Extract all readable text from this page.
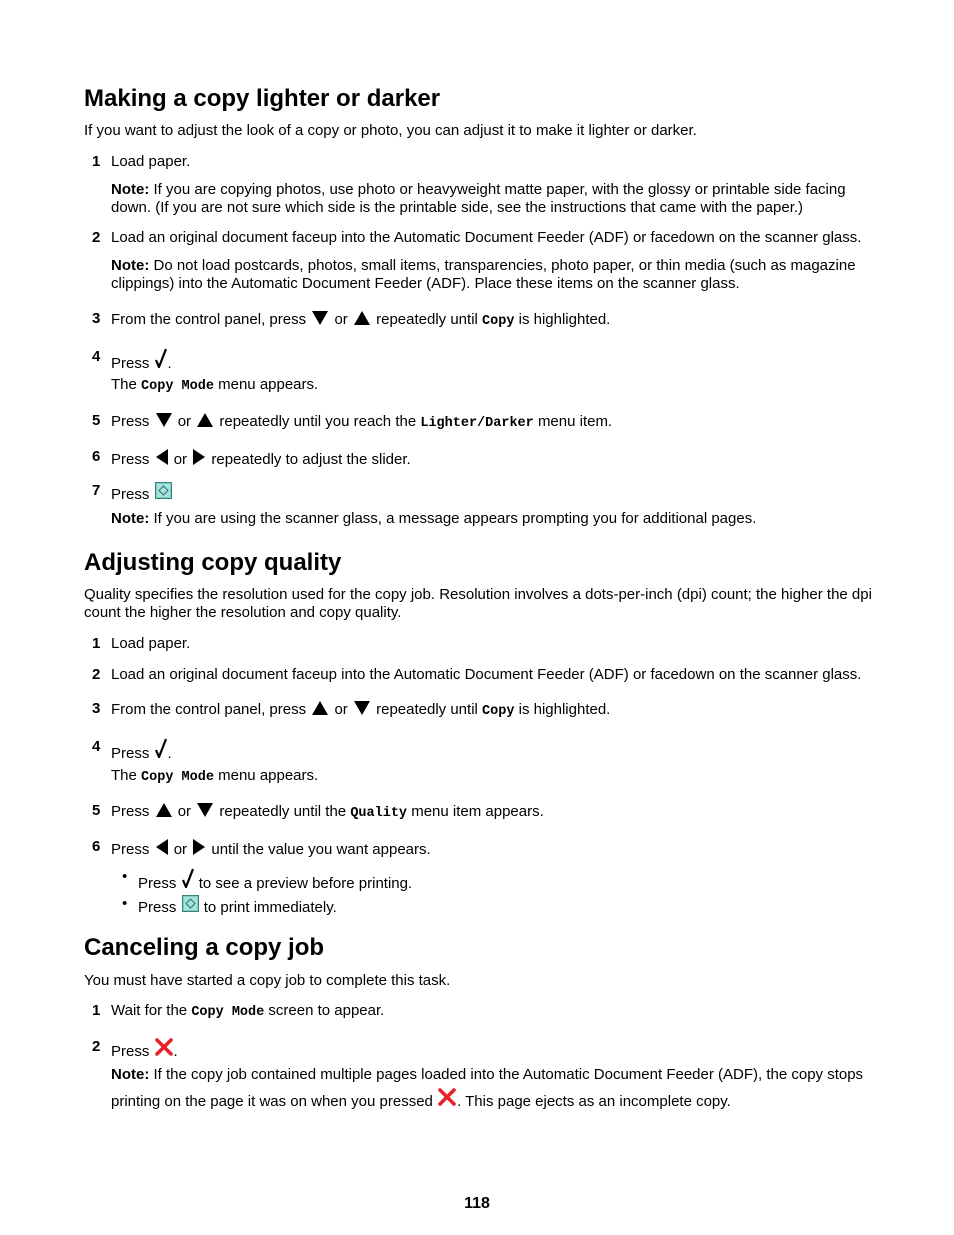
Making a copy lighter or darker

If you want to adjust the look of a copy or photo, you can adjust it to make it lighter or darker.

1 Load paper.
Note: If you are copying photos, use photo or heavyweight matte paper, with the glossy or printable side facing down. (If you are not sure which side is the printable side, see the instructions that came with the paper.)
2 Load an original document faceup into the Automatic Document Feeder (ADF) or facedown on the scanner glass.
Note: Do not load postcards, photos, small items, transparencies, photo paper, or thin media (such as magazine clippings) into the Automatic Document Feeder (ADF). Place these items on the scanner glass.
3 From the control panel, press or repeatedly until Copy is highlighted.
4 Press .
The Copy Mode menu appears.
5 Press or repeatedly until you reach the Lighter/Darker menu item.
6 Press or repeatedly to adjust the slider.
7 Press
Note: If you are using the scanner glass, a message appears prompting you for additional pages.
Adjusting copy quality

Quality specifies the resolution used for the copy job. Resolution involves a dots-per-inch (dpi) count; the higher the dpi count the higher the resolution and copy quality.

1 Load paper.
2 Load an original document faceup into the Automatic Document Feeder (ADF) or facedown on the scanner glass.
3 From the control panel, press or repeatedly until Copy is highlighted.
4 Press .
The Copy Mode menu appears.
5 Press or repeatedly until the Quality menu item appears.
6 Press or until the value you want appears.
• Press to see a preview before printing.
• Press to print immediately.
Canceling a copy job

You must have started a copy job to complete this task.

1 Wait for the Copy Mode screen to appear.
2 Press .
Note: If the copy job contained multiple pages loaded into the Automatic Document Feeder (ADF), the copy stops
printing on the page it was on when you pressed . This page ejects as an incomplete copy.
118
